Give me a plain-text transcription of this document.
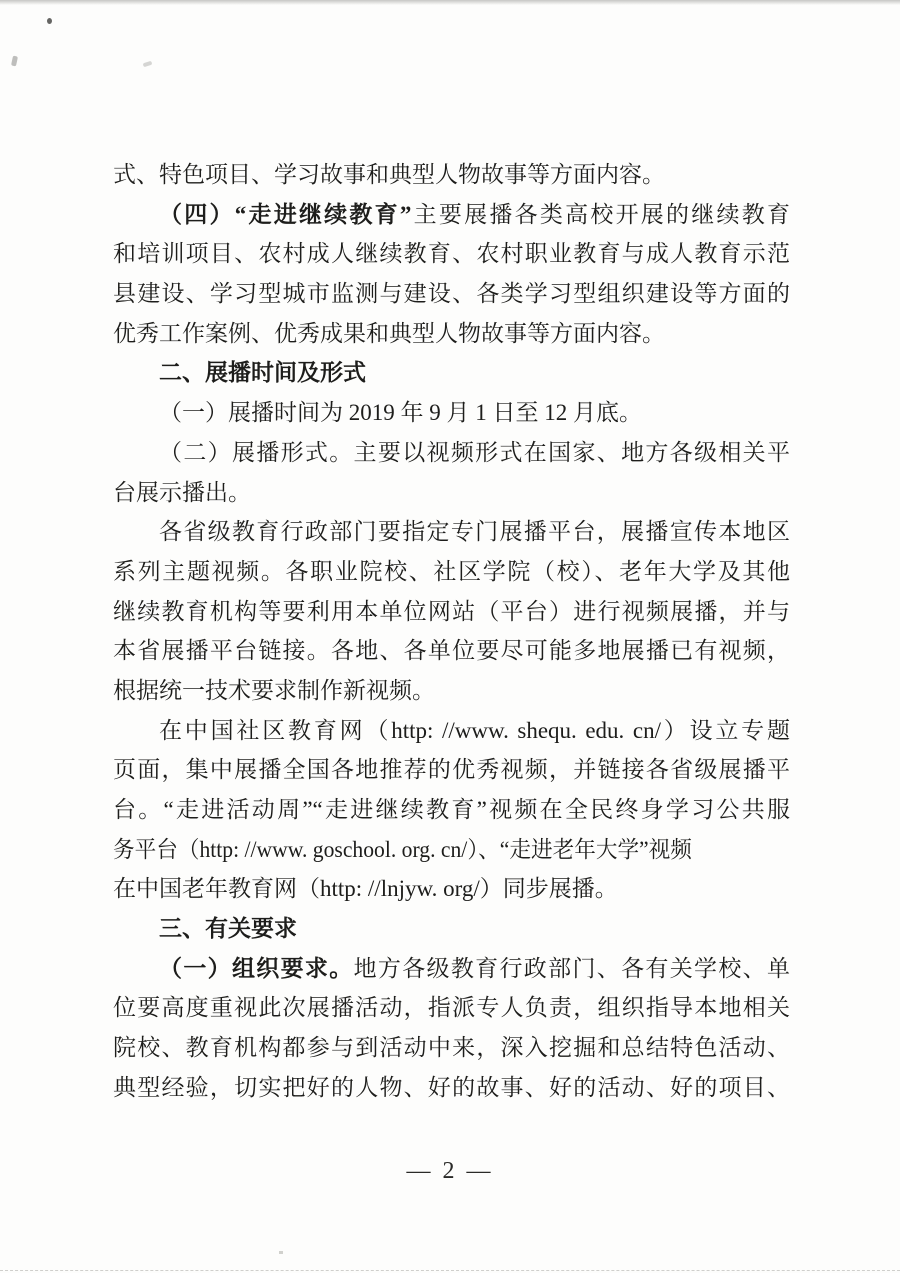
式、特色项目、学习故事和典型人物故事等方面内容。
（四）“走进继续教育”主要展播各类高校开展的继续教育
和培训项目、农村成人继续教育、农村职业教育与成人教育示范
县建设、学习型城市监测与建设、各类学习型组织建设等方面的
优秀工作案例、优秀成果和典型人物故事等方面内容。
二、展播时间及形式
（一）展播时间为 2019 年 9 月 1 日至 12 月底。
（二）展播形式。主要以视频形式在国家、地方各级相关平
台展示播出。
各省级教育行政部门要指定专门展播平台，展播宣传本地区
系列主题视频。各职业院校、社区学院（校）、老年大学及其他
继续教育机构等要利用本单位网站（平台）进行视频展播，并与
本省展播平台链接。各地、各单位要尽可能多地展播已有视频，
根据统一技术要求制作新视频。
在中国社区教育网（http: //www. shequ. edu. cn/）设立专题
页面，集中展播全国各地推荐的优秀视频，并链接各省级展播平
台。“走进活动周”“走进继续教育”视频在全民终身学习公共服
务平台（http: //www. goschool. org. cn/）、“走进老年大学”视频
在中国老年教育网（http: //lnjyw. org/）同步展播。
三、有关要求
（一）组织要求。地方各级教育行政部门、各有关学校、单
位要高度重视此次展播活动，指派专人负责，组织指导本地相关
院校、教育机构都参与到活动中来，深入挖掘和总结特色活动、
典型经验，切实把好的人物、好的故事、好的活动、好的项目、
— 2 —
